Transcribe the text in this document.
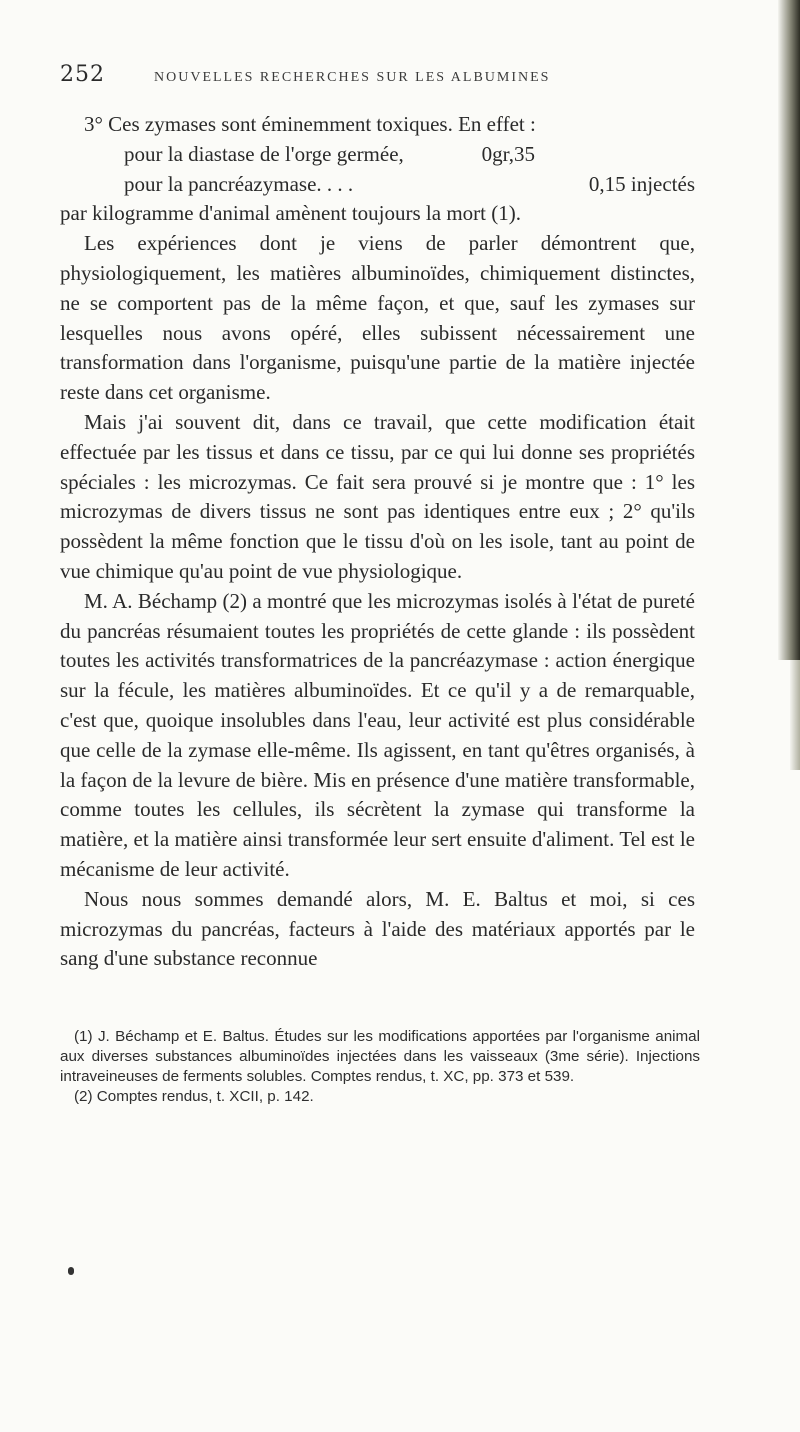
252	NOUVELLES RECHERCHES SUR LES ALBUMINES
3° Ces zymases sont éminemment toxiques. En effet :
pour la diastase de l'orge germée,	0gr,35
pour la pancréazymase. . . .	0,15 injectés
par kilogramme d'animal amènent toujours la mort (1).

Les expériences dont je viens de parler démontrent que, physiologiquement, les matières albuminoïdes, chimiquement distinctes, ne se comportent pas de la même façon, et que, sauf les zymases sur lesquelles nous avons opéré, elles subissent nécessairement une transformation dans l'organisme, puisqu'une partie de la matière injectée reste dans cet organisme.

Mais j'ai souvent dit, dans ce travail, que cette modification était effectuée par les tissus et dans ce tissu, par ce qui lui donne ses propriétés spéciales : les microzymas. Ce fait sera prouvé si je montre que : 1° les microzymas de divers tissus ne sont pas identiques entre eux ; 2° qu'ils possèdent la même fonction que le tissu d'où on les isole, tant au point de vue chimique qu'au point de vue physiologique.

M. A. Béchamp (2) a montré que les microzymas isolés à l'état de pureté du pancréas résumaient toutes les propriétés de cette glande : ils possèdent toutes les activités transformatrices de la pancréazymase : action énergique sur la fécule, les matières albuminoïdes. Et ce qu'il y a de remarquable, c'est que, quoique insolubles dans l'eau, leur activité est plus considérable que celle de la zymase elle-même. Ils agissent, en tant qu'êtres organisés, à la façon de la levure de bière. Mis en présence d'une matière transformable, comme toutes les cellules, ils sécrètent la zymase qui transforme la matière, et la matière ainsi transformée leur sert ensuite d'aliment. Tel est le mécanisme de leur activité.

Nous nous sommes demandé alors, M. E. Baltus et moi, si ces microzymas du pancréas, facteurs à l'aide des matériaux apportés par le sang d'une substance reconnue

(1) J. Béchamp et E. Baltus. Études sur les modifications apportées par l'organisme animal aux diverses substances albuminoïdes injectées dans les vaisseaux (3me série). Injections intraveineuses de ferments solubles. Comptes rendus, t. XC, pp. 373 et 539.

(2) Comptes rendus, t. XCII, p. 142.
